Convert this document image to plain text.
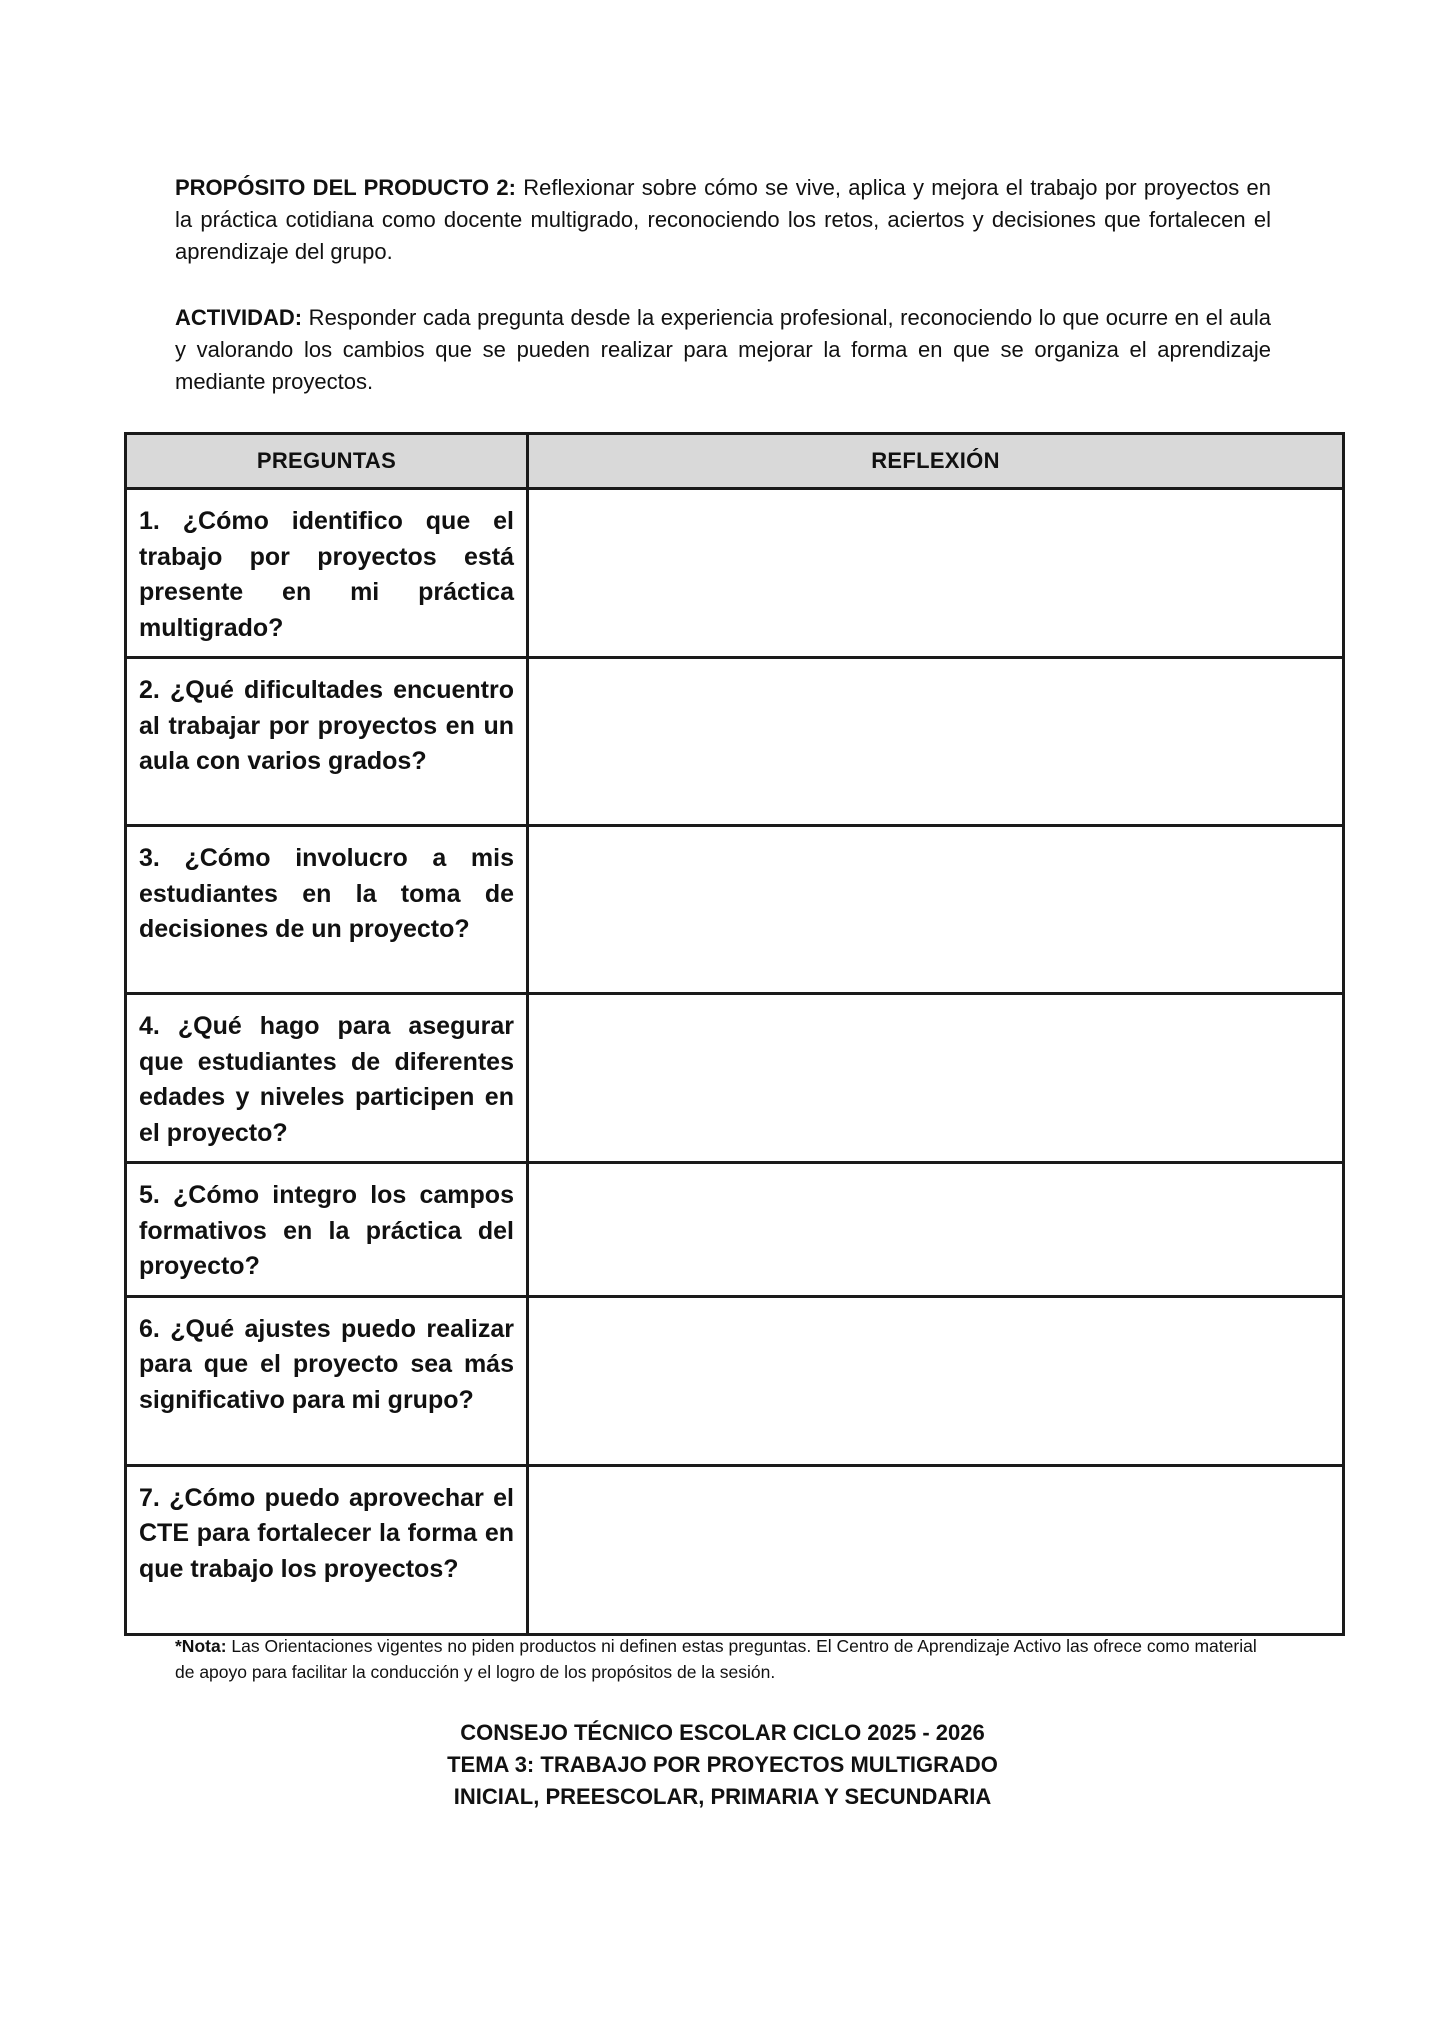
PROPÓSITO DEL PRODUCTO 2: Reflexionar sobre cómo se vive, aplica y mejora el trabajo por proyectos en la práctica cotidiana como docente multigrado, reconociendo los retos, aciertos y decisiones que fortalecen el aprendizaje del grupo.

ACTIVIDAD: Responder cada pregunta desde la experiencia profesional, reconociendo lo que ocurre en el aula y valorando los cambios que se pueden realizar para mejorar la forma en que se organiza el aprendizaje mediante proyectos.

PREGUNTAS	REFLEXIÓN

1. ¿Cómo identifico que el trabajo por proyectos está presente en mi práctica multigrado?	

2. ¿Qué dificultades encuentro al trabajar por proyectos en un aula con varios grados?	

3. ¿Cómo involucro a mis estudiantes en la toma de decisiones de un proyecto?	

4. ¿Qué hago para asegurar que estudiantes de diferentes edades y niveles participen en el proyecto?	

5. ¿Cómo integro los campos formativos en la práctica del proyecto?	

6. ¿Qué ajustes puedo realizar para que el proyecto sea más significativo para mi grupo?	

7. ¿Cómo puedo aprovechar el CTE para fortalecer la forma en que trabajo los proyectos?	

*Nota: Las Orientaciones vigentes no piden productos ni definen estas preguntas. El Centro de Aprendizaje Activo las ofrece como material de apoyo para facilitar la conducción y el logro de los propósitos de la sesión.

CONSEJO TÉCNICO ESCOLAR CICLO 2025 - 2026

TEMA 3: TRABAJO POR PROYECTOS MULTIGRADO

INICIAL, PREESCOLAR, PRIMARIA Y SECUNDARIA
